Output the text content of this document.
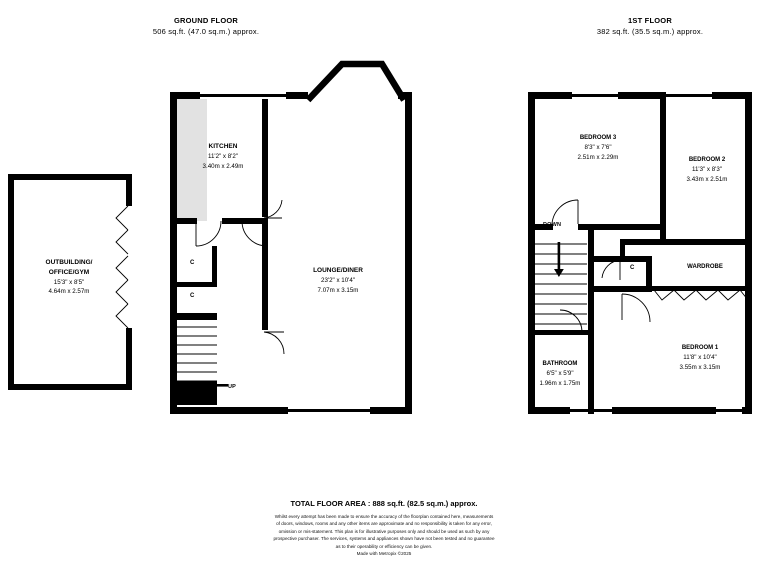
GROUND FLOOR
506 sq.ft. (47.0 sq.m.) approx.
1ST FLOOR
382 sq.ft. (35.5 sq.m.) approx.
OUTBUILDING/
OFFICE/GYM
15'3" x 8'5"
4.64m x 2.57m
C
C
UP
KITCHEN
11'2" x 8'2"
3.40m x 2.49m
LOUNGE/DINER
23'2" x 10'4"
7.07m x 3.15m
DOWN
C
BEDROOM 3
8'3" x 7'6"
2.51m x 2.29m	BEDROOM 2
11'3" x 8'3"
3.43m x 2.51m
BEDROOM 1
11'8" x 10'4"
3.55m x 3.15m
BATHROOM
6'5" x 5'9"
1.96m x 1.75m
WARDROBE
TOTAL FLOOR AREA : 888 sq.ft. (82.5 sq.m.) approx.
Whilst every attempt has been made to ensure the accuracy of the floorplan contained here, measurements
of doors, windows, rooms and any other items are approximate and no responsibility is taken for any error,
omission or mis-statement. This plan is for illustrative purposes only and should be used as such by any
prospective purchaser. The services, systems and appliances shown have not been tested and no guarantee
as to their operability or efficiency can be given.
Made with Metropix ©2025
